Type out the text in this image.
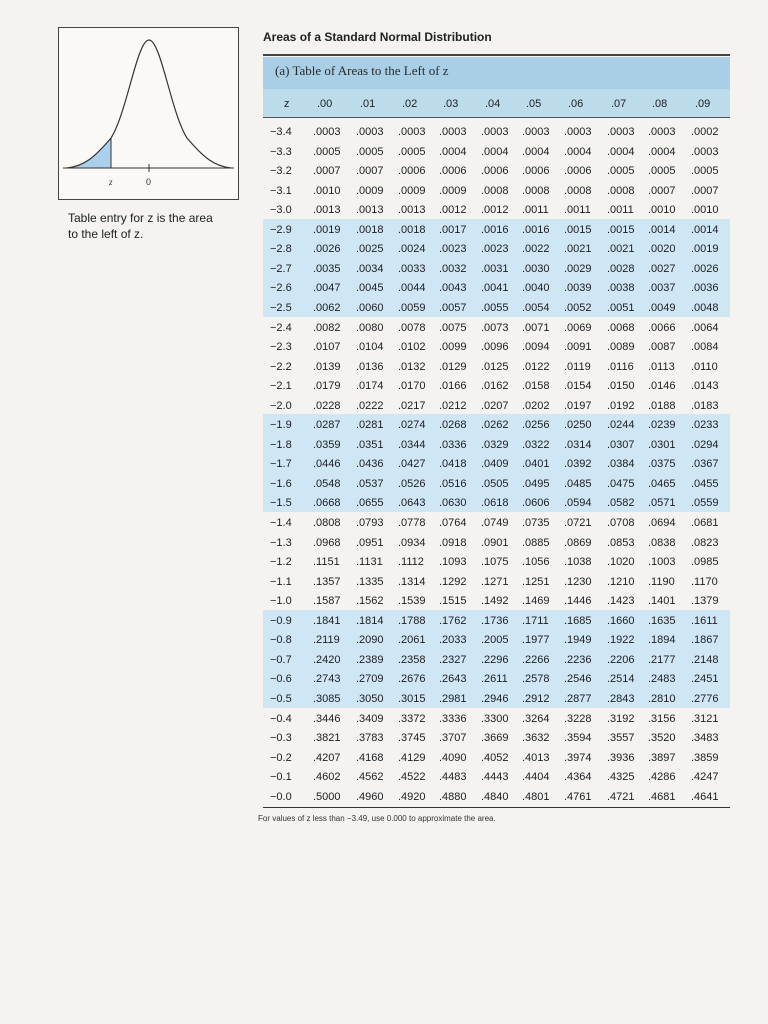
z	0
Table entry for z is the area
to the left of z.
Areas of a Standard Normal Distribution
(a) Table of Areas to the Left of z
z	.00	.01 .02 .03 .04 .05 .06	.07 .08	.09
−3.4 .0003 .0003 .0003 .0003 .0003 .0003 .0003 .0003 .0003 .0002
−3.3 .0005 .0005 .0005 .0004 .0004 .0004 .0004 .0004 .0004 .0003
−3.2 .0007 .0007 .0006 .0006 .0006 .0006 .0006 .0005 .0005 .0005
−3.1 .0010 .0009 .0009 .0009 .0008 .0008 .0008 .0008 .0007 .0007
−3.0 .0013 .0013 .0013 .0012 .0012 .0011 .0011 .0011 .0010 .0010
−2.9 .0019 .0018 .0018 .0017 .0016 .0016 .0015 .0015 .0014 .0014
−2.8 .0026 .0025 .0024 .0023 .0023 .0022 .0021 .0021 .0020 .0019
−2.7 .0035 .0034 .0033 .0032 .0031 .0030 .0029 .0028 .0027 .0026
−2.6 .0047 .0045 .0044 .0043 .0041 .0040 .0039 .0038 .0037 .0036
−2.5 .0062 .0060 .0059 .0057 .0055 .0054 .0052 .0051 .0049 .0048
−2.4 .0082 .0080 .0078 .0075 .0073 .0071 .0069 .0068 .0066 .0064
−2.3 .0107 .0104 .0102 .0099 .0096 .0094 .0091 .0089 .0087 .0084
−2.2 .0139 .0136 .0132 .0129 .0125 .0122 .0119 .0116 .0113 .0110
−2.1 .0179 .0174 .0170 .0166 .0162 .0158 .0154 .0150 .0146 .0143
−2.0 .0228 .0222 .0217 .0212 .0207 .0202 .0197 .0192 .0188 .0183
−1.9 .0287 .0281 .0274 .0268 .0262 .0256 .0250 .0244 .0239 .0233
−1.8 .0359 .0351 .0344 .0336 .0329 .0322 .0314 .0307 .0301 .0294
−1.7 .0446 .0436 .0427 .0418 .0409 .0401 .0392 .0384 .0375 .0367
−1.6 .0548 .0537 .0526 .0516 .0505 .0495 .0485 .0475 .0465 .0455
−1.5 .0668 .0655 .0643 .0630 .0618 .0606 .0594 .0582 .0571 .0559
−1.4 .0808 .0793 .0778 .0764 .0749 .0735 .0721 .0708 .0694 .0681
−1.3 .0968 .0951 .0934 .0918 .0901 .0885 .0869 .0853 .0838 .0823
−1.2 .1151 .1131 .1112 .1093 .1075 .1056 .1038 .1020 .1003 .0985
−1.1 .1357 .1335 .1314 .1292 .1271 .1251 .1230 .1210 .1190 .1170
−1.0 .1587 .1562 .1539 .1515 .1492 .1469 .1446 .1423 .1401 .1379
−0.9 .1841 .1814 .1788 .1762 .1736 .1711 .1685 .1660 .1635 .1611
−0.8 .2119 .2090 .2061 .2033 .2005 .1977 .1949 .1922 .1894 .1867
−0.7 .2420 .2389 .2358 .2327 .2296 .2266 .2236 .2206 .2177 .2148
−0.6 .2743 .2709 .2676 .2643 .2611 .2578 .2546 .2514 .2483 .2451
−0.5 .3085 .3050 .3015 .2981 .2946 .2912 .2877 .2843 .2810 .2776
−0.4 .3446 .3409 .3372 .3336 .3300 .3264 .3228 .3192 .3156 .3121
−0.3 .3821 .3783 .3745 .3707 .3669 .3632 .3594 .3557 .3520 .3483
−0.2 .4207 .4168 .4129 .4090 .4052 .4013 .3974 .3936 .3897 .3859
−0.1 .4602 .4562 .4522 .4483 .4443 .4404 .4364 .4325 .4286 .4247
−0.0 .5000 .4960 .4920 .4880 .4840 .4801 .4761 .4721 .4681 .4641
For values of z less than −3.49, use 0.000 to approximate the area.
